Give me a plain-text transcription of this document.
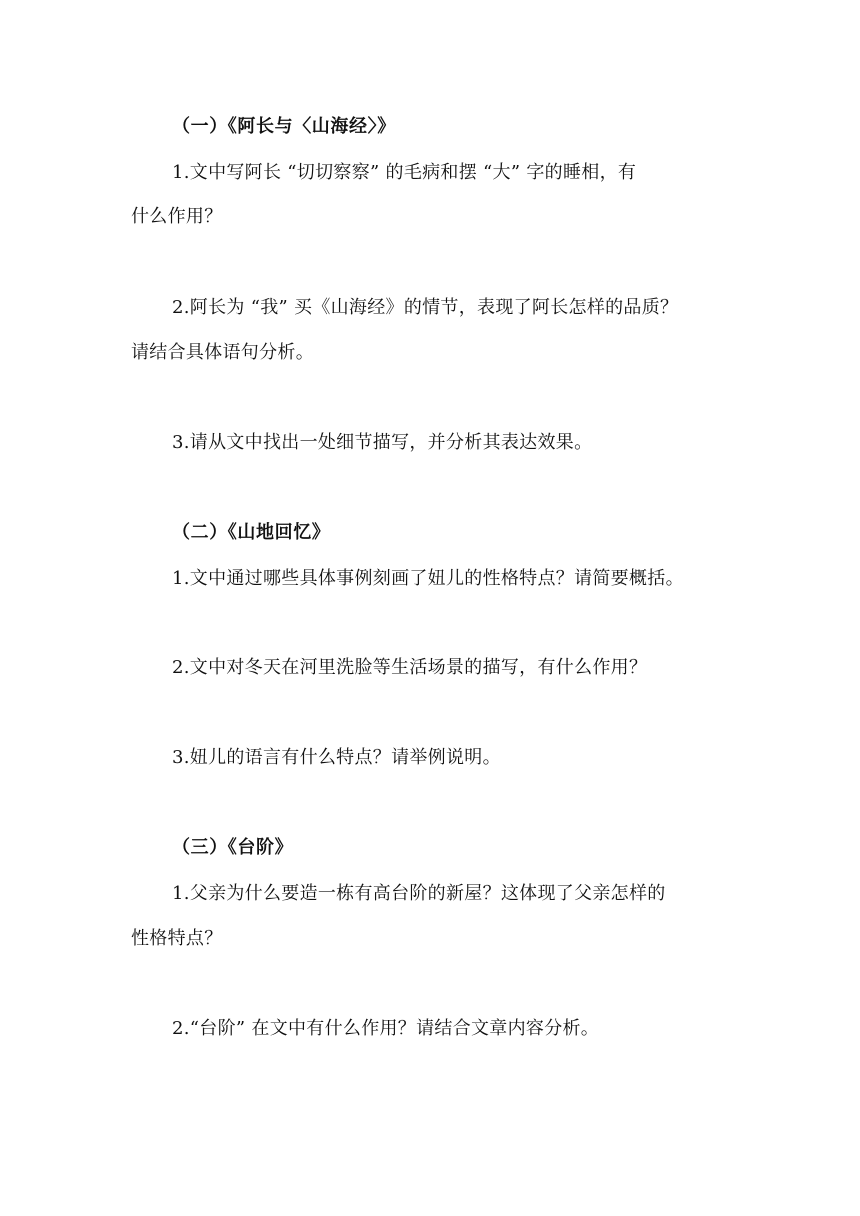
（一）《阿长与〈山海经〉》
1.文中写阿长 “切切察察” 的毛病和摆 “大” 字的睡相，有
什么作用？
2.阿长为 “我” 买《山海经》的情节，表现了阿长怎样的品质？
请结合具体语句分析。
3.请从文中找出一处细节描写，并分析其表达效果。
（二）《山地回忆》
1.文中通过哪些具体事例刻画了妞儿的性格特点？请简要概括。
2.文中对冬天在河里洗脸等生活场景的描写，有什么作用？
3.妞儿的语言有什么特点？请举例说明。
（三）《台阶》
1.父亲为什么要造一栋有高台阶的新屋？这体现了父亲怎样的
性格特点？
2.“台阶” 在文中有什么作用？请结合文章内容分析。
